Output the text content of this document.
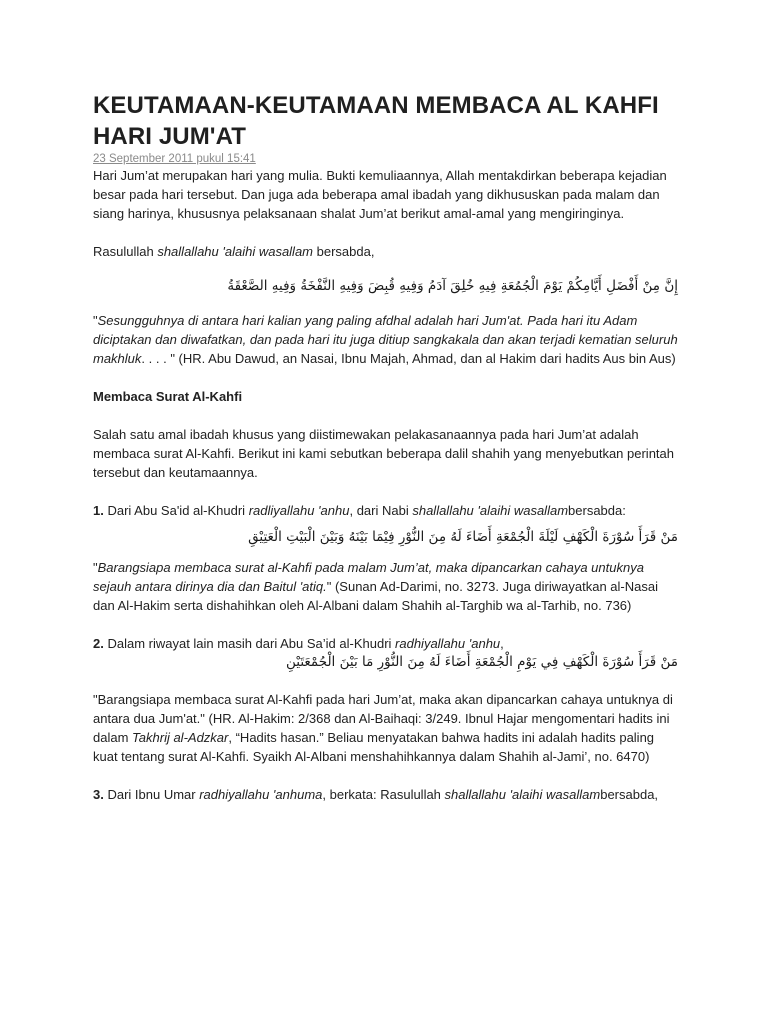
KEUTAMAAN-KEUTAMAAN MEMBACA AL KAHFI HARI JUM'AT
23 September 2011 pukul 15:41

Hari Jum’at merupakan hari yang mulia. Bukti kemuliaannya, Allah mentakdirkan beberapa kejadian besar pada hari tersebut. Dan juga ada beberapa amal ibadah yang dikhususkan pada malam dan siang harinya, khususnya pelaksanaan shalat Jum’at berikut amal-amal yang mengiringinya.

Rasulullah shallallahu 'alaihi wasallam bersabda,

إِنَّ مِنْ أَفْضَلِ أَيَّامِكُمْ يَوْمَ الْجُمُعَةِ فِيهِ خُلِقَ آدَمُ وَفِيهِ قُبِضَ وَفِيهِ النَّفْخَةُ وَفِيهِ الصَّعْقَةُ

"Sesungguhnya di antara hari kalian yang paling afdhal adalah hari Jum'at. Pada hari itu Adam diciptakan dan diwafatkan, dan pada hari itu juga ditiup sangkakala dan akan terjadi kematian seluruh makhluk. . . . " (HR. Abu Dawud, an Nasai, Ibnu Majah, Ahmad, dan al Hakim dari hadits Aus bin Aus)

Membaca Surat Al-Kahfi

Salah satu amal ibadah khusus yang diistimewakan pelakasanaannya pada hari Jum’at adalah membaca surat Al-Kahfi. Berikut ini kami sebutkan beberapa dalil shahih yang menyebutkan perintah tersebut dan keutamaannya.

1. Dari Abu Sa'id al-Khudri radliyallahu 'anhu, dari Nabi shallallahu 'alaihi wasallambersabda:

مَنْ قَرَأَ سُوْرَةَ الْكَهْفِ لَيْلَةَ الْجُمْعَةِ أَضَاءَ لَهُ مِنَ النُّوْرِ فِيْمَا بَيْنَهُ وَبَيْنَ الْبَيْتِ الْعَتِيْقِ

"Barangsiapa membaca surat al-Kahfi pada malam Jum’at, maka dipancarkan cahaya untuknya sejauh antara dirinya dia dan Baitul 'atiq." (Sunan Ad-Darimi, no. 3273. Juga diriwayatkan al-Nasai dan Al-Hakim serta dishahihkan oleh Al-Albani dalam Shahih al-Targhib wa al-Tarhib, no. 736)

2. Dalam riwayat lain masih dari Abu Sa’id al-Khudri radhiyallahu 'anhu,

مَنْ قَرَأَ سُوْرَةَ الْكَهْفِ فِي يَوْمِ الْجُمْعَةِ أَضَاءَ لَهُ مِنَ النُّوْرِ مَا بَيْنَ الْجُمْعَتَيْنِ

"Barangsiapa membaca surat Al-Kahfi pada hari Jum’at, maka akan dipancarkan cahaya untuknya di antara dua Jum'at." (HR. Al-Hakim: 2/368 dan Al-Baihaqi: 3/249. Ibnul Hajar mengomentari hadits ini dalam Takhrij al-Adzkar, “Hadits hasan.” Beliau menyatakan bahwa hadits ini adalah hadits paling kuat tentang surat Al-Kahfi. Syaikh Al-Albani menshahihkannya dalam Shahih al-Jami’, no. 6470)

3. Dari Ibnu Umar radhiyallahu 'anhuma, berkata: Rasulullah shallallahu 'alaihi wasallambersabda,
